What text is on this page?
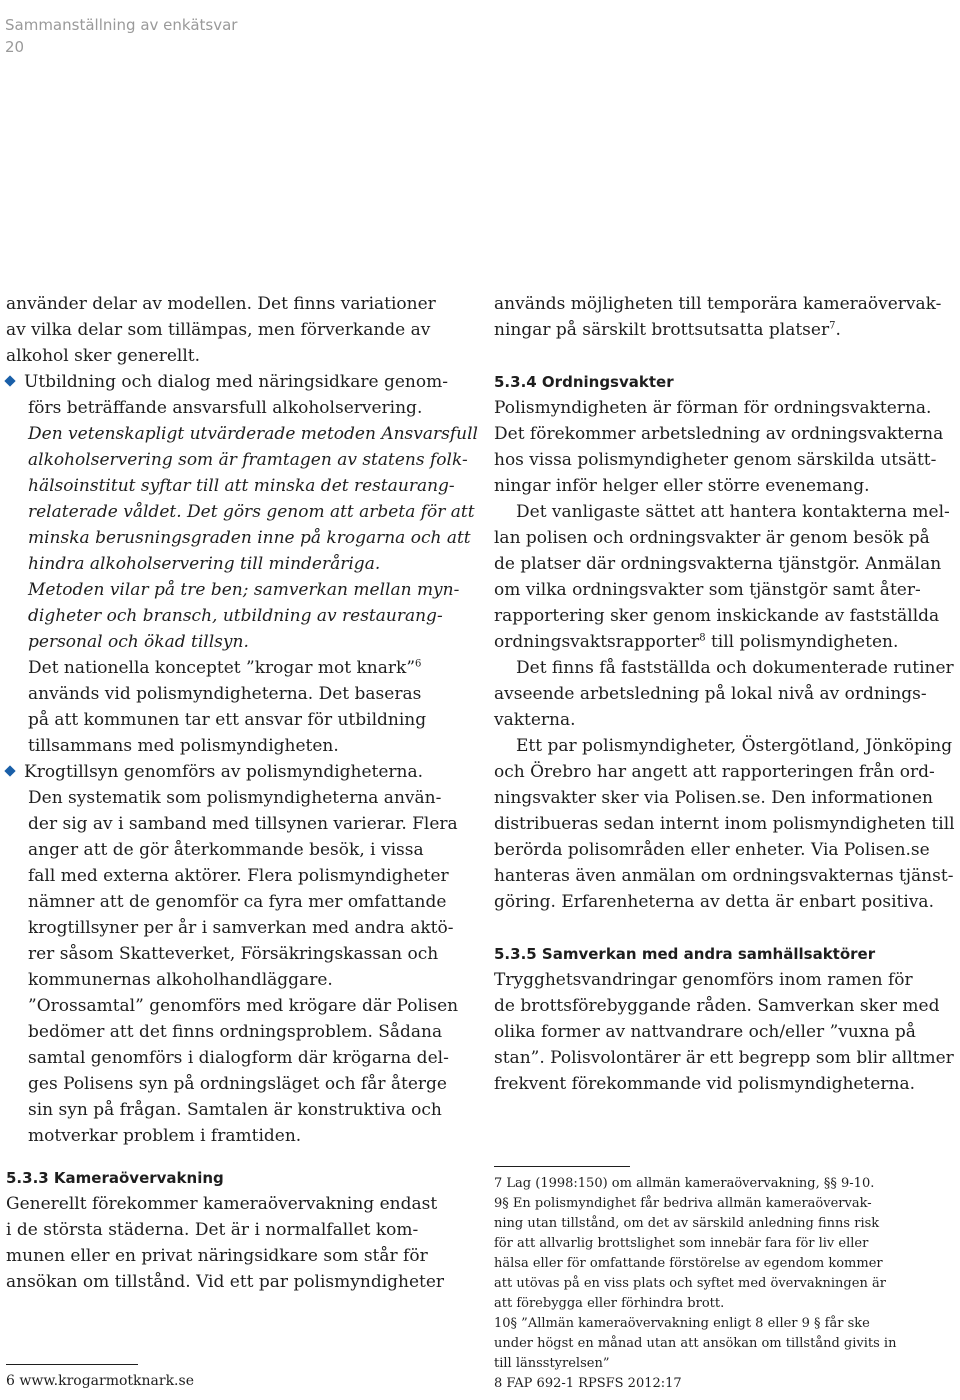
Sammanställning av enkätsvar
20
använder delar av modellen. Det finns variationer
av vilka delar som tillämpas, men förverkande av
alkohol sker generellt.
Utbildning och dialog med näringsidkare genom-
förs beträffande ansvarsfull alkoholservering.
Den vetenskapligt utvärderade metoden Ansvarsfull
alkoholservering som är framtagen av statens folk-
hälsoinstitut syftar till att minska det restaurang-
relaterade våldet. Det görs genom att arbeta för att
minska berusningsgraden inne på krogarna och att
hindra alkoholservering till minderåriga.
Metoden vilar på tre ben; samverkan mellan myn-
digheter och bransch, utbildning av restaurang-
personal och ökad tillsyn.
Det nationella konceptet ”krogar mot knark”$^6$
används vid polismyndigheterna. Det baseras
på att kommunen tar ett ansvar för utbildning
tillsammans med polismyndigheten.
Krogtillsyn genomförs av polismyndigheterna.
Den systematik som polismyndigheterna använ-
der sig av i samband med tillsynen varierar. Flera
anger att de gör återkommande besök, i vissa
fall med externa aktörer. Flera polismyndigheter
nämner att de genomför ca fyra mer omfattande
krogtillsyner per år i samverkan med andra aktö-
rer såsom Skatteverket, Försäkringskassan och
kommunernas alkoholhandläggare.
”Orossamtal” genomförs med krögare där Polisen
bedömer att det finns ordningsproblem. Sådana
samtal genomförs i dialogform där krögarna del-
ges Polisens syn på ordningsläget och får återge
sin syn på frågan. Samtalen är konstruktiva och
motverkar problem i framtiden.
5.3.3 Kameraövervakning
Generellt förekommer kameraövervakning endast
i de största städerna. Det är i normalfallet kom-
munen eller en privat näringsidkare som står för
ansökan om tillstånd. Vid ett par polismyndigheter
6 www.krogarmotknark.se
används möjligheten till temporära kameraövervak-
ningar på särskilt brottsutsatta platser$^7$.
5.3.4 Ordningsvakter
Polismyndigheten är förman för ordningsvakterna.
Det förekommer arbetsledning av ordningsvakterna
hos vissa polismyndigheter genom särskilda utsätt-
ningar inför helger eller större evenemang.
Det vanligaste sättet att hantera kontakterna mel-
lan polisen och ordningsvakter är genom besök på
de platser där ordningsvakterna tjänstgör. Anmälan
om vilka ordningsvakter som tjänstgör samt åter-
rapportering sker genom inskickande av fastställda
ordningsvaktsrapporter$^8$ till polismyndigheten.
Det finns få fastställda och dokumenterade rutiner
avseende arbetsledning på lokal nivå av ordnings-
vakterna.
Ett par polismyndigheter, Östergötland, Jönköping
och Örebro har angett att rapporteringen från ord-
ningsvakter sker via Polisen.se. Den informationen
distribueras sedan internt inom polismyndigheten till
berörda polisområden eller enheter. Via Polisen.se
hanteras även anmälan om ordningsvakternas tjänst-
göring. Erfarenheterna av detta är enbart positiva.
5.3.5 Samverkan med andra samhällsaktörer
Trygghetsvandringar genomförs inom ramen för
de brottsförebyggande råden. Samverkan sker med
olika former av nattvandrare och/eller ”vuxna på
stan”. Polisvolontärer är ett begrepp som blir alltmer
frekvent förekommande vid polismyndigheterna.
7 Lag (1998:150) om allmän kameraövervakning, §§ 9-10.
9§ En polismyndighet får bedriva allmän kameraövervak-
ning utan tillstånd, om det av särskild anledning finns risk
för att allvarlig brottslighet som innebär fara för liv eller
hälsa eller för omfattande förstörelse av egendom kommer
att utövas på en viss plats och syftet med övervakningen är
att förebygga eller förhindra brott.
10§ ”Allmän kameraövervakning enligt 8 eller 9 § får ske
under högst en månad utan att ansökan om tillstånd givits in
till länsstyrelsen”
8 FAP 692-1 RPSFS 2012:17
